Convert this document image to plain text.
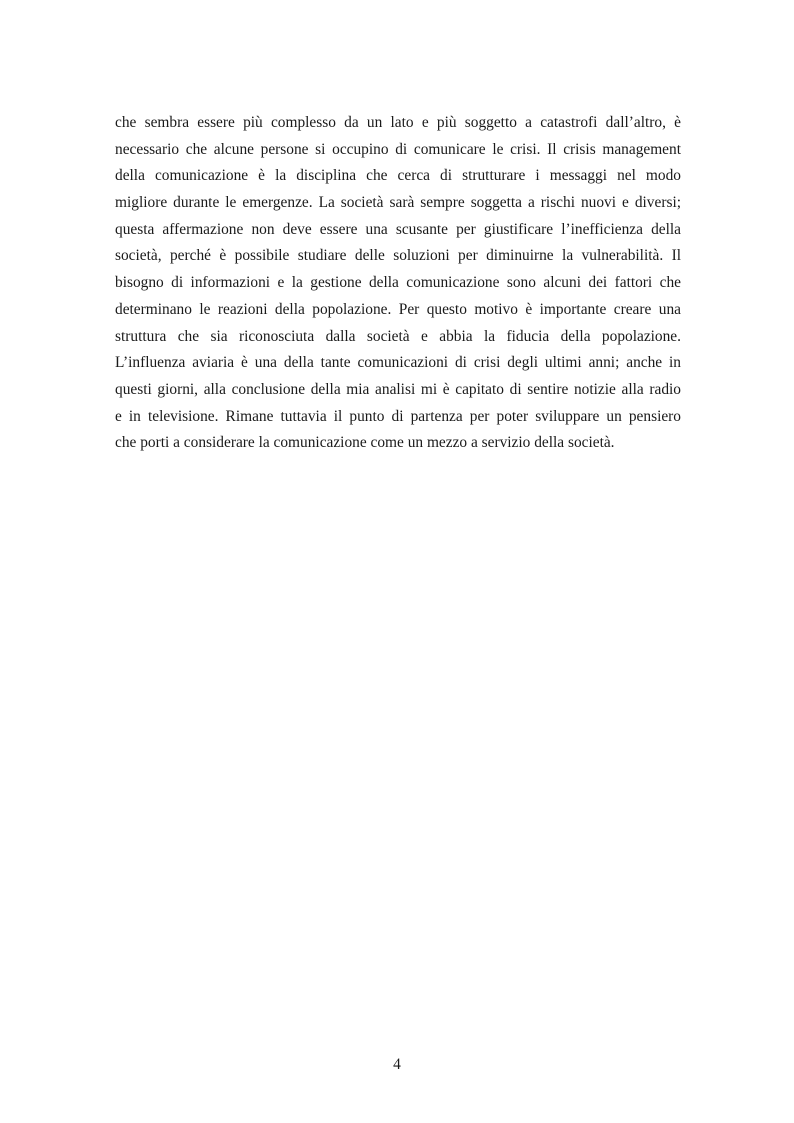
che sembra essere più complesso da un lato e più soggetto a catastrofi dall’altro, è
necessario che alcune persone si occupino di comunicare le crisi. Il crisis management
della comunicazione è la disciplina che cerca di strutturare i messaggi nel modo
migliore durante le emergenze. La società sarà sempre soggetta a rischi nuovi e diversi;
questa affermazione non deve essere una scusante per giustificare l’inefficienza della
società, perché è possibile studiare delle soluzioni per diminuirne la vulnerabilità. Il
bisogno di informazioni e la gestione della comunicazione sono alcuni dei fattori che
determinano le reazioni della popolazione. Per questo motivo è importante creare una
struttura che sia riconosciuta dalla società e abbia la fiducia della popolazione.
L’influenza aviaria è una della tante comunicazioni di crisi degli ultimi anni; anche in
questi giorni, alla conclusione della mia analisi mi è capitato di sentire notizie alla radio
e in televisione. Rimane tuttavia il punto di partenza per poter sviluppare un pensiero
che porti a considerare la comunicazione come un mezzo a servizio della società.

4
